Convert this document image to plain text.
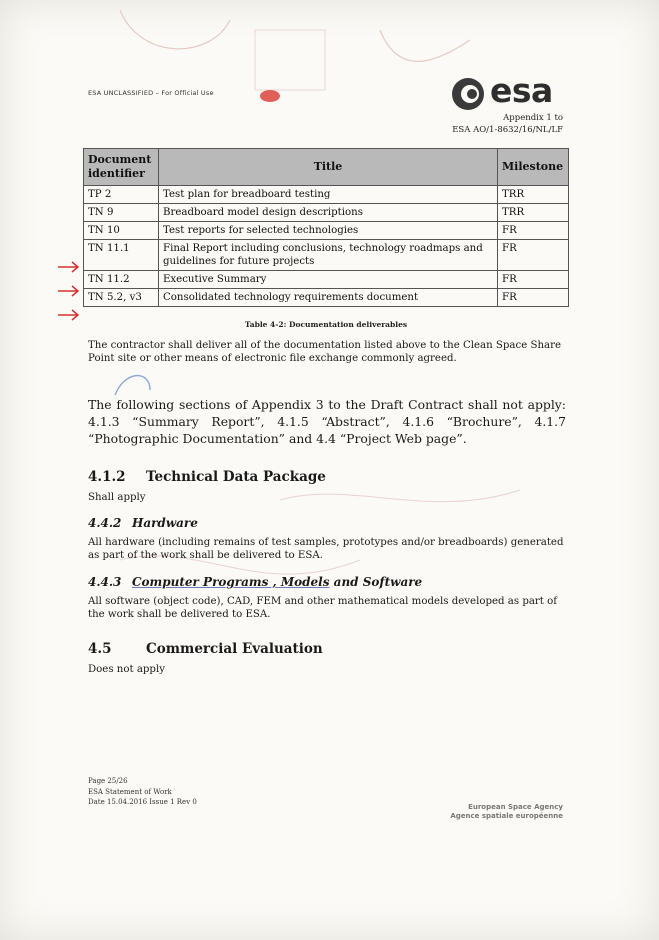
ESA UNCLASSIFIED – For Official Use	esa
Appendix 1 to
ESA AO/1-8632/16/NL/LF
Document identifier	Title	Milestone
TP 2	Test plan for breadboard testing	TRR
TN 9	Breadboard model design descriptions	TRR
TN 10	Test reports for selected technologies	FR
TN 11.1	Final Report including conclusions, technology roadmaps and guidelines for future projects	FR
TN 11.2	Executive Summary	FR
TN 5.2, v3	Consolidated technology requirements document	FR
Table 4-2: Documentation deliverables
The contractor shall deliver all of the documentation listed above to the Clean Space Share Point site or other means of electronic file exchange commonly agreed.
The following sections of Appendix 3 to the Draft Contract shall not apply: 4.1.3 “Summary Report”, 4.1.5 “Abstract”, 4.1.6 “Brochure”, 4.1.7 “Photographic Documentation” and 4.4 “Project Web page”.
4.1.2 Technical Data Package
Shall apply
4.4.2 Hardware
All hardware (including remains of test samples, prototypes and/or breadboards) generated as part of the work shall be delivered to ESA.
4.4.3 Computer Programs , Models and Software
All software (object code), CAD, FEM and other mathematical models developed as part of the work shall be delivered to ESA.
4.5	Commercial Evaluation
Does not apply
Page 25/26
ESA Statement of Work
Date 15.04.2016 Issue 1 Rev 0
European Space Agency
Agence spatiale européenne
